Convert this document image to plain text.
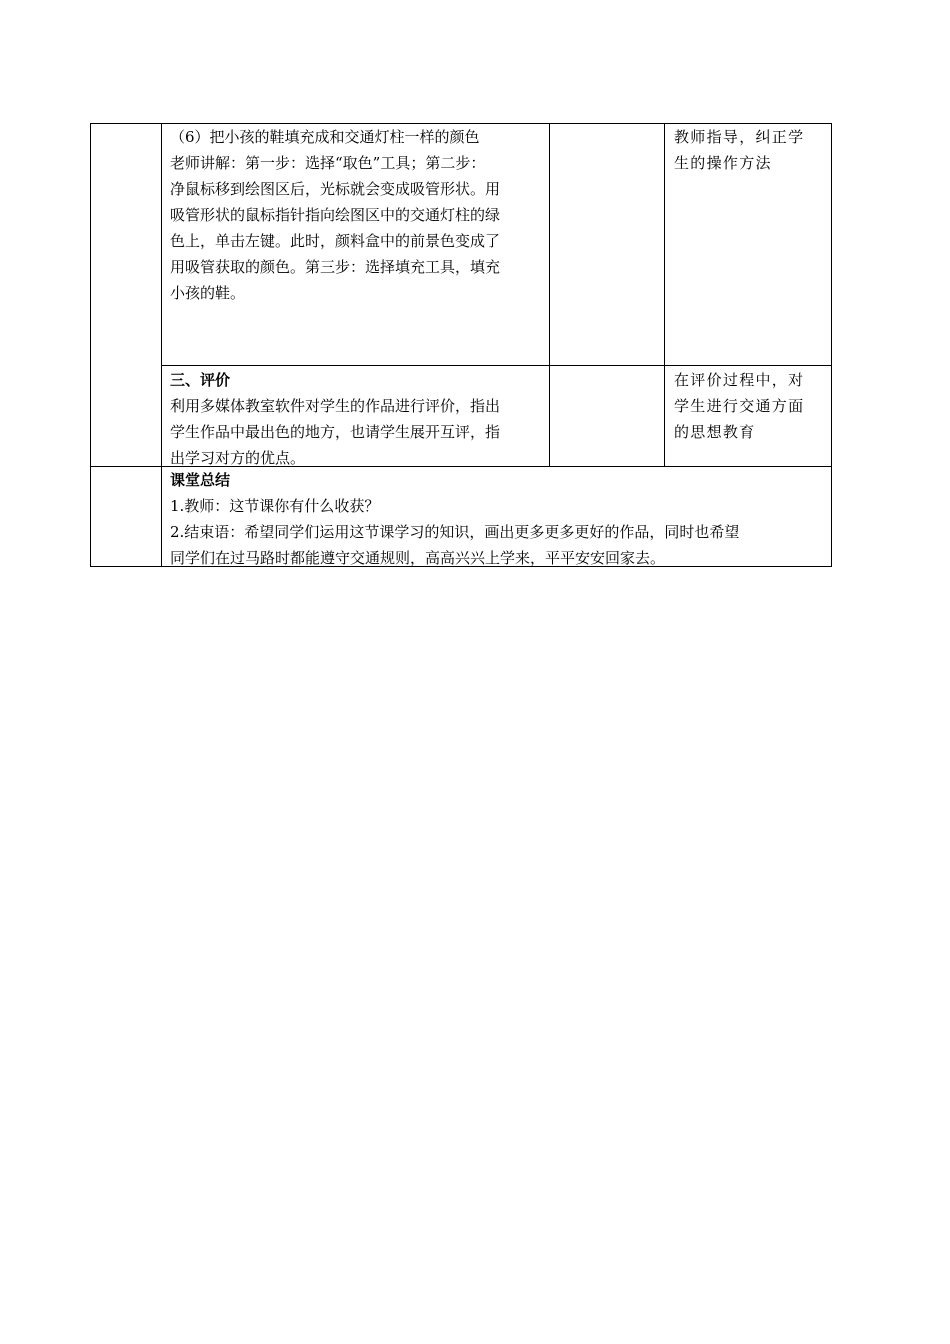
（6）把小孩的鞋填充成和交通灯柱一样的颜色

老师讲解：第一步：选择“取色”工具；第二步：

净鼠标移到绘图区后，光标就会变成吸管形状。用

吸管形状的鼠标指针指向绘图区中的交通灯柱的绿

色上，单击左键。此时，颜料盒中的前景色变成了

用吸管获取的颜色。第三步：选择填充工具，填充

小孩的鞋。

教师指导，纠正学

生的操作方法

三、评价

利用多媒体教室软件对学生的作品进行评价，指出

学生作品中最出色的地方，也请学生展开互评，指

出学习对方的优点。

在评价过程中，对

学生进行交通方面

的思想教育

课堂总结

1.教师：这节课你有什么收获？

2.结束语：希望同学们运用这节课学习的知识，画出更多更多更好的作品，同时也希望

同学们在过马路时都能遵守交通规则，高高兴兴上学来，平平安安回家去。
